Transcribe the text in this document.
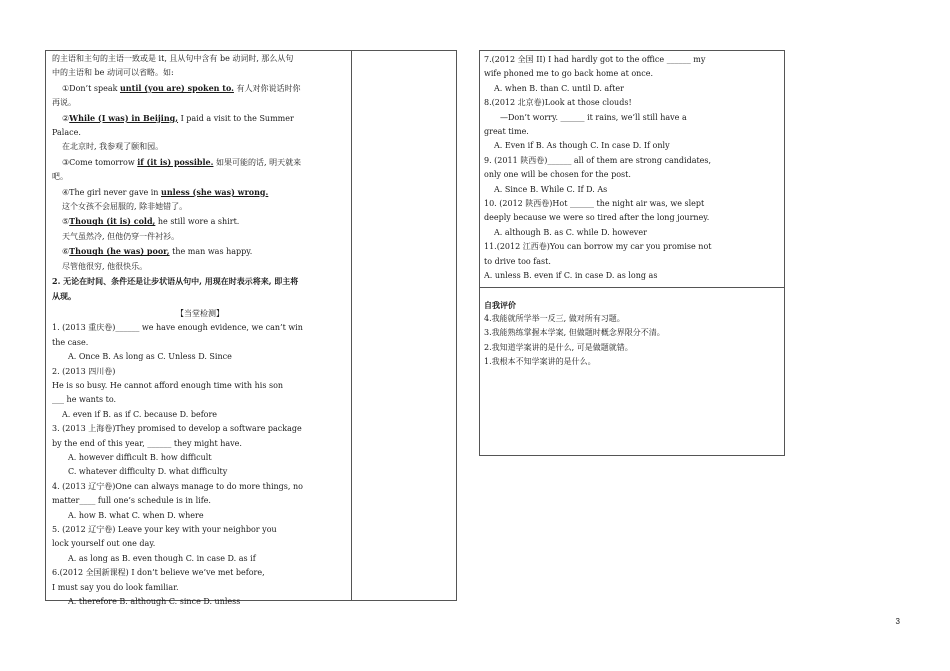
的主语和主句的主语一致或是 it, 且从句中含有 be 动词时, 那么从句

中的主语和 be 动词可以省略。如:

①Don’t speak until (you are) spoken to. 有人对你说话时你

再说。

②While (I was) in Beijing, I paid a visit to the Summer

Palace.

在北京时, 我参观了颐和园。

③Come tomorrow if (it is) possible. 如果可能的话, 明天就来

吧。

④The girl never gave in unless (she was) wrong.

这个女孩不会屈服的, 除非她错了。

⑤Though (it is) cold, he still wore a shirt.

天气虽然冷, 但他仍穿一件衬衫。

⑥Though (he was) poor, the man was happy.

尽管他很穷, 他很快乐。

2. 无论在时间、条件还是让步状语从句中, 用现在时表示将来, 即主将

从现。

【当堂检测】

1. (2013 重庆卷)______ we have enough evidence, we can’t win

the case.

A. Once B. As long as C. Unless D. Since

2. (2013 四川卷)

He is so busy. He cannot afford enough time with his son

___ he wants to.

A. even if B. as if C. because D. before

3. (2013 上海卷)They promised to develop a software package

by the end of this year, ______ they might have.

A. however difficult B. how difficult

C. whatever difficulty D. what difficulty

4. (2013 辽宁卷)One can always manage to do more things, no

matter____ full one’s schedule is in life.

A. how B. what C. when D. where

5. (2012 辽宁卷) Leave your key with your neighbor you

lock yourself out one day.

A. as long as B. even though C. in case D. as if

6.(2012 全国新课程) I don’t believe we’ve met before,

I must say you do look familiar.

A. therefore B. although C. since D. unless

7.(2012 全国 II) I had hardly got to the office ______ my

wife phoned me to go back home at once.

A. when B. than C. until D. after

8.(2012 北京卷)Look at those clouds!

—Don’t worry. ______ it rains, we’ll still have a

great time.

A. Even if B. As though C. In case D. If only

9. (2011 陕西卷)______ all of them are strong candidates,

only one will be chosen for the post.

A. Since B. While C. If D. As

10. (2012 陕西卷)Hot ______ the night air was, we slept

deeply because we were so tired after the long journey.

A. although B. as C. while D. however

11.(2012 江西卷)You can borrow my car you promise not

to drive too fast.

A. unless B. even if C. in case D. as long as

自我评价

4.我能就所学举一反三, 做对所有习题。

3.我能熟练掌握本学案, 但做题时概念界限分不清。

2.我知道学案讲的是什么, 可是做题就错。

1.我根本不知学案讲的是什么。

3
